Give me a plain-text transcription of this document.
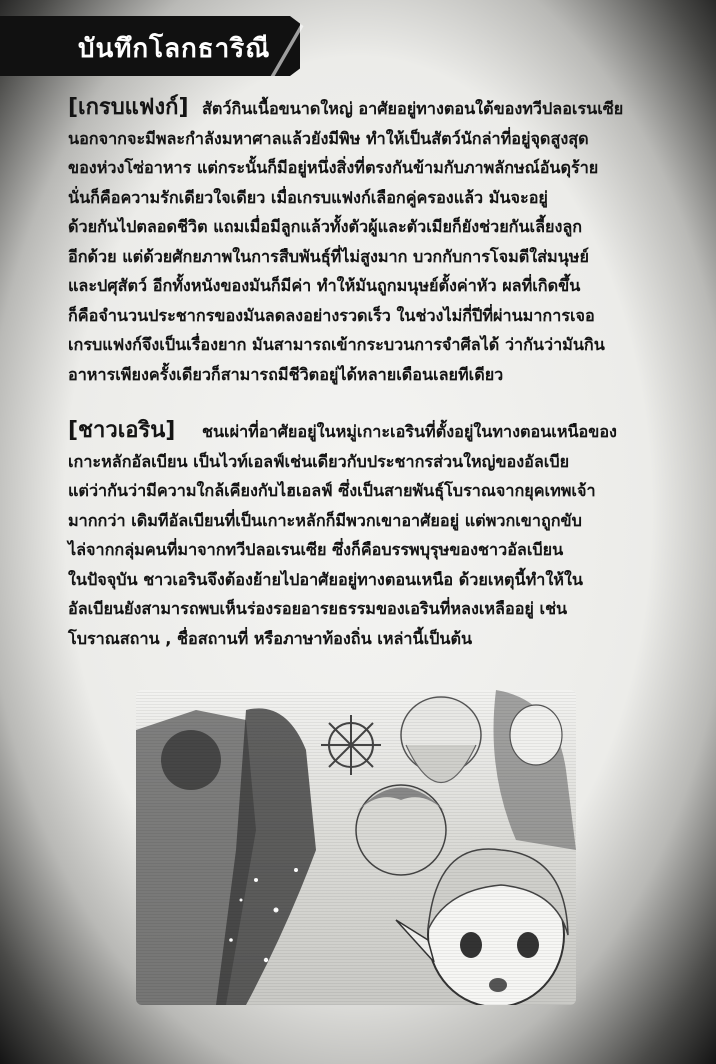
บันทึกโลกธาริณี

[เกรบแฟงก์] สัตว์กินเนื้อขนาดใหญ่ อาศัยอยู่ทางตอนใต้ของทวีปลอเรนเซีย

นอกจากจะมีพละกำลังมหาศาลแล้วยังมีพิษ ทำให้เป็นสัตว์นักล่าที่อยู่จุดสูงสุด

ของห่วงโซ่อาหาร แต่กระนั้นก็มีอยู่หนึ่งสิ่งที่ตรงกันข้ามกับภาพลักษณ์อันดุร้าย

นั่นก็คือความรักเดียวใจเดียว เมื่อเกรบแฟงก์เลือกคู่ครองแล้ว มันจะอยู่

ด้วยกันไปตลอดชีวิต แถมเมื่อมีลูกแล้วทั้งตัวผู้และตัวเมียก็ยังช่วยกันเลี้ยงลูก

อีกด้วย แต่ด้วยศักยภาพในการสืบพันธุ์ที่ไม่สูงมาก บวกกับการโจมตีใส่มนุษย์

และปศุสัตว์ อีกทั้งหนังของมันก็มีค่า ทำให้มันถูกมนุษย์ตั้งค่าหัว ผลที่เกิดขึ้น

ก็คือจำนวนประชากรของมันลดลงอย่างรวดเร็ว ในช่วงไม่กี่ปีที่ผ่านมาการเจอ

เกรบแฟงก์จึงเป็นเรื่องยาก มันสามารถเข้ากระบวนการจำศีลได้ ว่ากันว่ามันกิน

อาหารเพียงครั้งเดียวก็สามารถมีชีวิตอยู่ได้หลายเดือนเลยทีเดียว

[ชาวเอริน] ชนเผ่าที่อาศัยอยู่ในหมู่เกาะเอรินที่ตั้งอยู่ในทางตอนเหนือของ

เกาะหลักอัลเบียน เป็นไวท์เอลฟ์เช่นเดียวกับประชากรส่วนใหญ่ของอัลเบีย

แต่ว่ากันว่ามีความใกล้เคียงกับไฮเอลฟ์ ซึ่งเป็นสายพันธุ์โบราณจากยุคเทพเจ้า

มากกว่า เดิมทีอัลเบียนที่เป็นเกาะหลักก็มีพวกเขาอาศัยอยู่ แต่พวกเขาถูกขับ

ไล่จากกลุ่มคนที่มาจากทวีปลอเรนเซีย ซึ่งก็คือบรรพบุรุษของชาวอัลเบียน

ในปัจจุบัน ชาวเอรินจึงต้องย้ายไปอาศัยอยู่ทางตอนเหนือ ด้วยเหตุนี้ทำให้ใน

อัลเบียนยังสามารถพบเห็นร่องรอยอารยธรรมของเอรินที่หลงเหลืออยู่ เช่น

โบราณสถาน , ชื่อสถานที่ หรือภาษาท้องถิ่น เหล่านี้เป็นต้น
